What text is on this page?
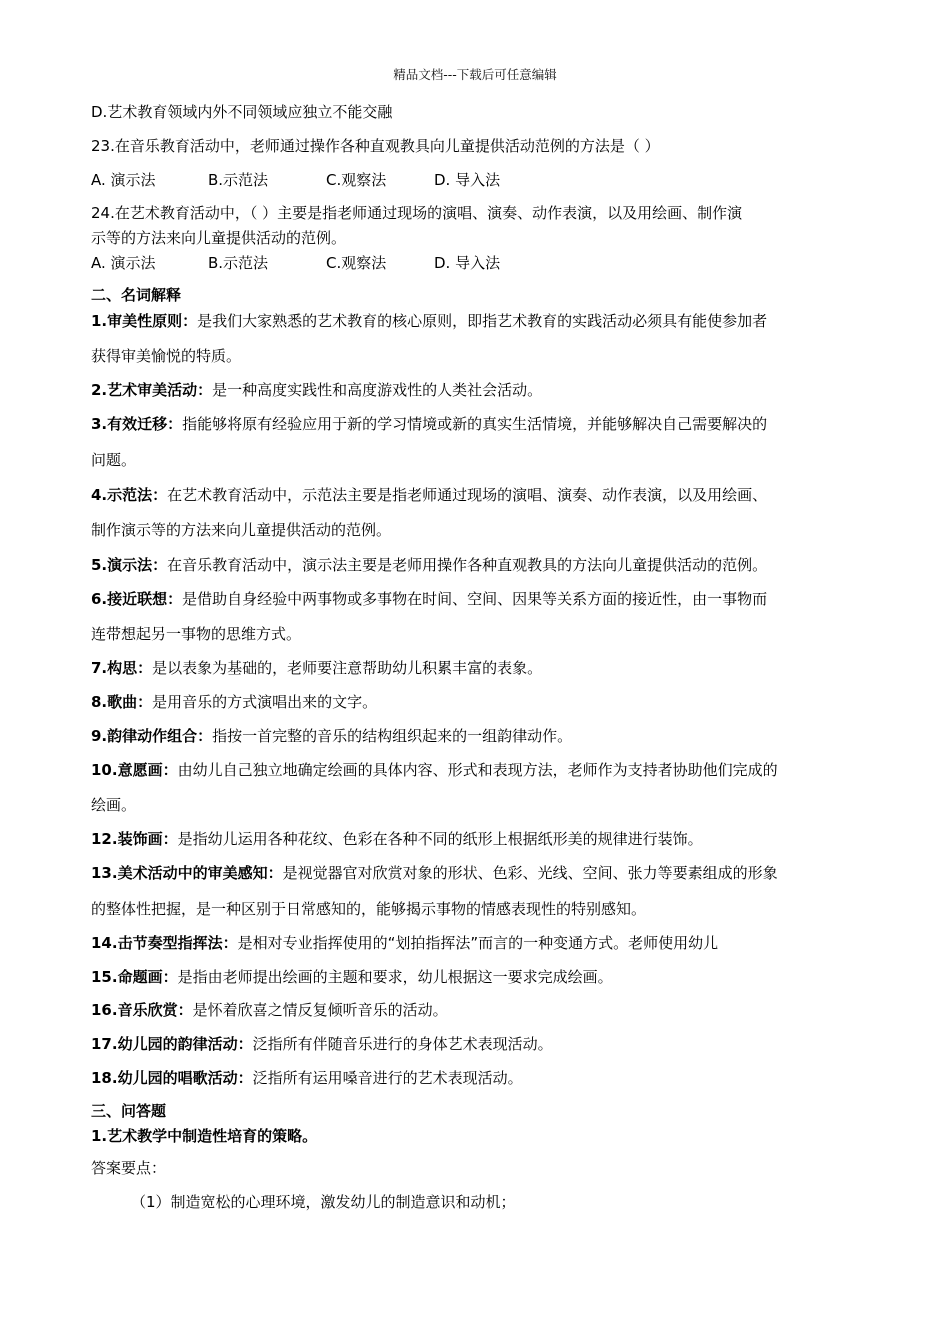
精品文档---下载后可任意编辑
D.艺术教育领域内外不同领域应独立不能交融
23.在音乐教育活动中，老师通过操作各种直观教具向儿童提供活动范例的方法是（ ）
A. 演示法	B.示范法	C.观察法	D. 导入法
24.在艺术教育活动中，（ ）主要是指老师通过现场的演唱、演奏、动作表演，以及用绘画、制作演
示等的方法来向儿童提供活动的范例。
A. 演示法	B.示范法	C.观察法	D. 导入法
二、名词解释
1.审美性原则：是我们大家熟悉的艺术教育的核心原则，即指艺术教育的实践活动必须具有能使参加者
获得审美愉悦的特质。
2.艺术审美活动：是一种高度实践性和高度游戏性的人类社会活动。
3.有效迁移：指能够将原有经验应用于新的学习情境或新的真实生活情境，并能够解决自己需要解决的
问题。
4.示范法：在艺术教育活动中，示范法主要是指老师通过现场的演唱、演奏、动作表演，以及用绘画、
制作演示等的方法来向儿童提供活动的范例。
5.演示法：在音乐教育活动中，演示法主要是老师用操作各种直观教具的方法向儿童提供活动的范例。
6.接近联想：是借助自身经验中两事物或多事物在时间、空间、因果等关系方面的接近性，由一事物而
连带想起另一事物的思维方式。
7.构思：是以表象为基础的，老师要注意帮助幼儿积累丰富的表象。
8.歌曲：是用音乐的方式演唱出来的文字。
9.韵律动作组合：指按一首完整的音乐的结构组织起来的一组韵律动作。
10.意愿画：由幼儿自己独立地确定绘画的具体内容、形式和表现方法，老师作为支持者协助他们完成的
绘画。
12.装饰画：是指幼儿运用各种花纹、色彩在各种不同的纸形上根据纸形美的规律进行装饰。
13.美术活动中的审美感知：是视觉器官对欣赏对象的形状、色彩、光线、空间、张力等要素组成的形象
的整体性把握，是一种区别于日常感知的，能够揭示事物的情感表现性的特别感知。
14.击节奏型指挥法：是相对专业指挥使用的“划拍指挥法”而言的一种变通方式。老师使用幼儿
15.命题画：是指由老师提出绘画的主题和要求，幼儿根据这一要求完成绘画。
16.音乐欣赏：是怀着欣喜之情反复倾听音乐的活动。
17.幼儿园的韵律活动：泛指所有伴随音乐进行的身体艺术表现活动。
18.幼儿园的唱歌活动：泛指所有运用嗓音进行的艺术表现活动。
三、问答题
1.艺术教学中制造性培育的策略。
答案要点：
（1）制造宽松的心理环境，激发幼儿的制造意识和动机；
